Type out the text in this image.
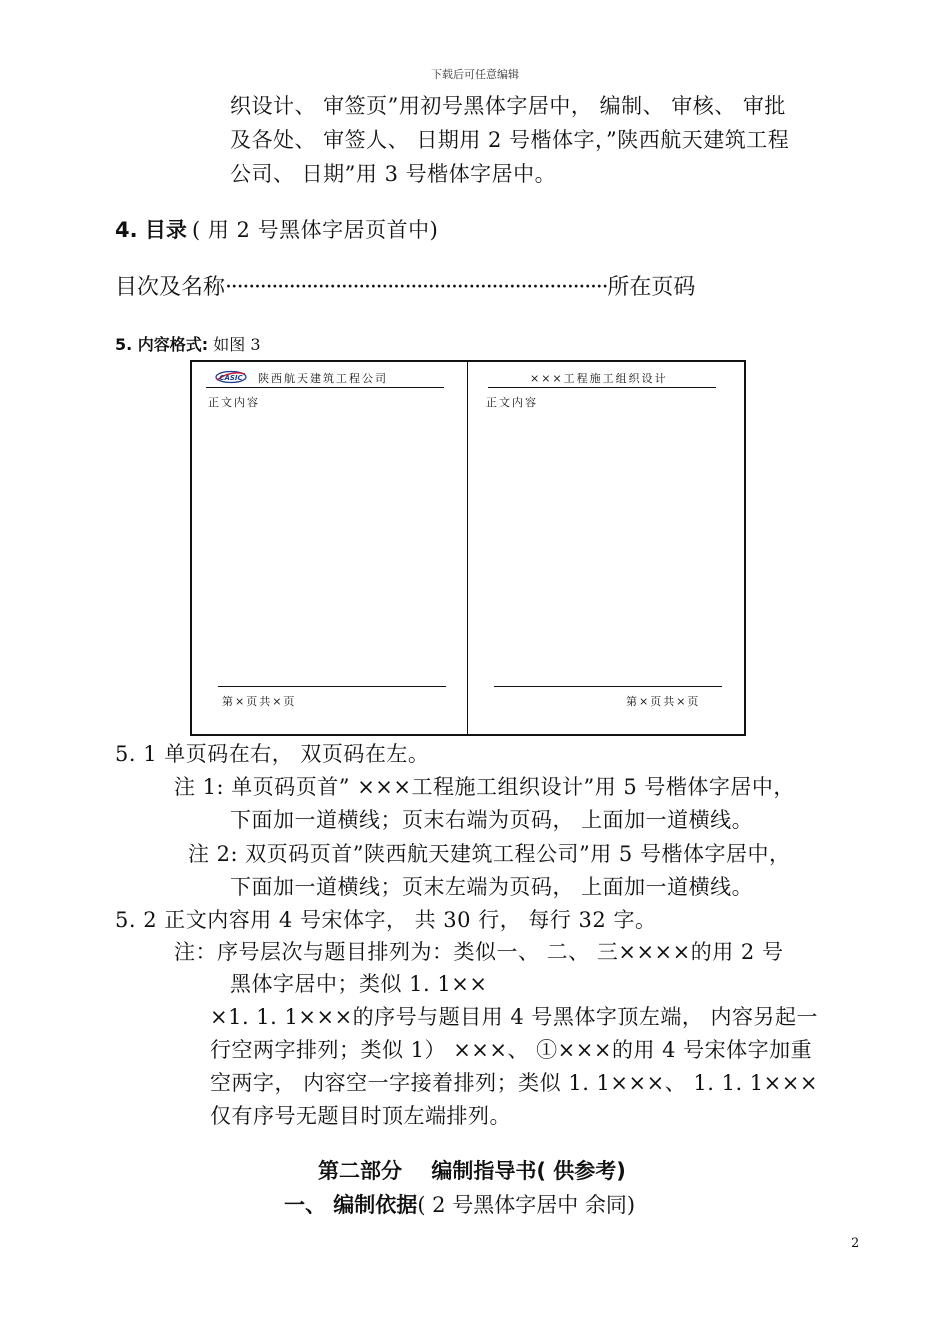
下载后可任意编辑
织设计、 审签页”用初号黑体字居中， 编制、 审核、 审批
及各处、 审签人、 日期用 2 号楷体字，”陕西航天建筑工程
公司、 日期”用 3 号楷体字居中。
4. 目录 ( 用 2 号黑体字居页首中)
目次及名称··································································所在页码
5. 内容格式: 如图 3
CASIC 陕西航天建筑工程公司
正文内容
第×页共×页
×××工程施工组织设计
正文内容
第×页共×页
5. 1 单页码在右， 双页码在左。
注 1: 单页码页首” ×××工程施工组织设计”用 5 号楷体字居中，
下面加一道横线；页末右端为页码， 上面加一道横线。
注 2: 双页码页首”陕西航天建筑工程公司”用 5 号楷体字居中，
下面加一道横线；页末左端为页码， 上面加一道横线。
5. 2 正文内容用 4 号宋体字， 共 30 行， 每行 32 字。
注：序号层次与题目排列为：类似一、 二、 三××××的用 2 号
黑体字居中；类似 1. 1××
×1. 1. 1×××的序号与题目用 4 号黑体字顶左端， 内容另起一
行空两字排列；类似 1） ×××、 ①×××的用 4 号宋体字加重
空两字， 内容空一字接着排列；类似 1. 1×××、 1. 1. 1×××
仅有序号无题目时顶左端排列。
第二部分 编制指导书( 供参考)
一、 编制依据( 2 号黑体字居中 余同)
2
